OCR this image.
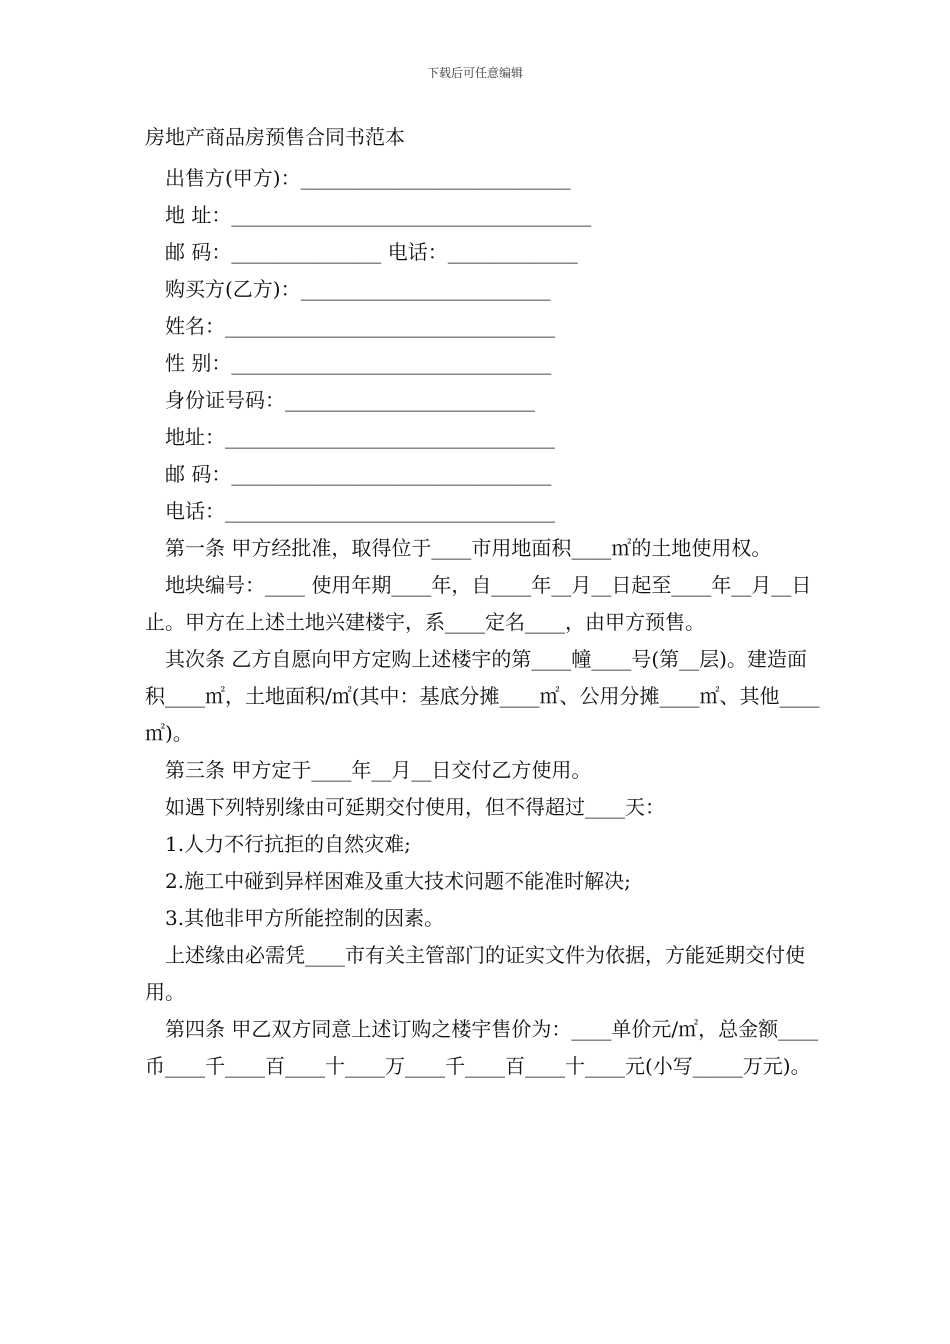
下载后可任意编辑
房地产商品房预售合同书范本
出售方(甲方)：___________________________
地 址：____________________________________
邮 码：_______________ 电话：_____________
购买方(乙方)：_________________________
姓名：_________________________________
性 别：________________________________
身份证号码：_________________________
地址：_________________________________
邮 码：________________________________
电话：_________________________________

第一条 甲方经批准，取得位于____市用地面积____㎡的土地使用权。

地块编号：____ 使用年期____年，自____年__月__日起至____年__月__日止。甲方在上述土地兴建楼宇，系____定名____，由甲方预售。

其次条 乙方自愿向甲方定购上述楼宇的第____幢____号(第__层)。建造面积____㎡，土地面积/㎡(其中：基底分摊____㎡、公用分摊____㎡、其他____㎡)。

第三条 甲方定于____年__月__日交付乙方使用。

如遇下列特别缘由可延期交付使用，但不得超过____天：

1.人力不行抗拒的自然灾难;
2.施工中碰到异样困难及重大技术问题不能准时解决;
3.其他非甲方所能控制的因素。

上述缘由必需凭____市有关主管部门的证实文件为依据，方能延期交付使用。

第四条 甲乙双方同意上述订购之楼宇售价为：____单价元/㎡，总金额____币____千____百____十____万____千____百____十____元(小写_____万元)。
